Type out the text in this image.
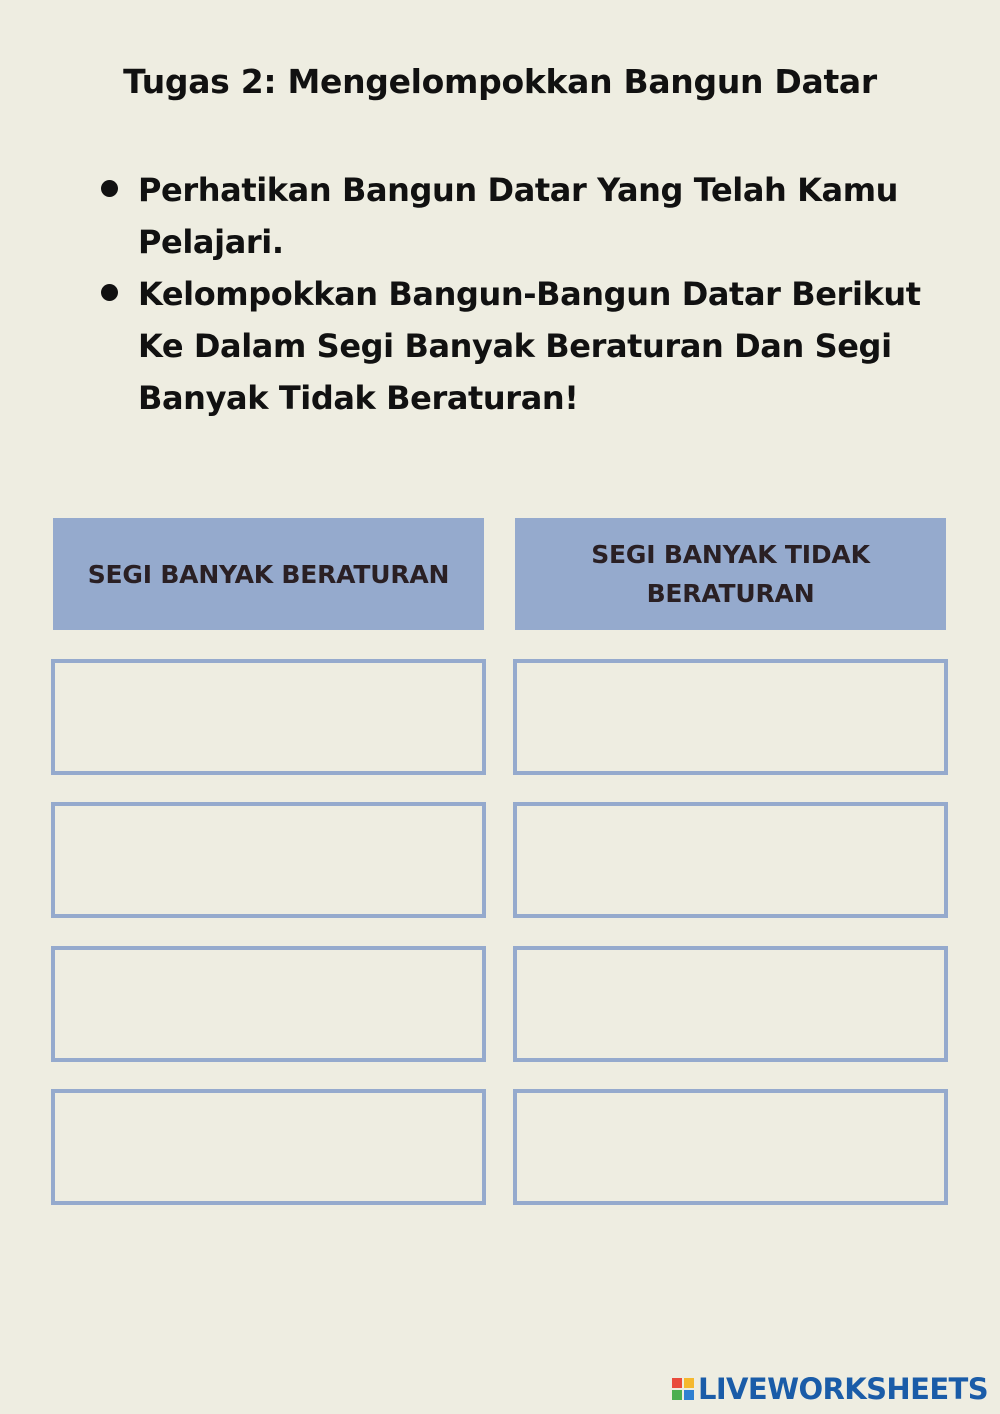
Tugas 2: Mengelompokkan Bangun Datar
Perhatikan Bangun Datar Yang Telah Kamu Pelajari.
Kelompokkan Bangun-Bangun Datar Berikut Ke Dalam Segi Banyak Beraturan Dan Segi Banyak Tidak Beraturan!
SEGI BANYAK BERATURAN
SEGI BANYAK TIDAK BERATURAN
LIVEWORKSHEETS
